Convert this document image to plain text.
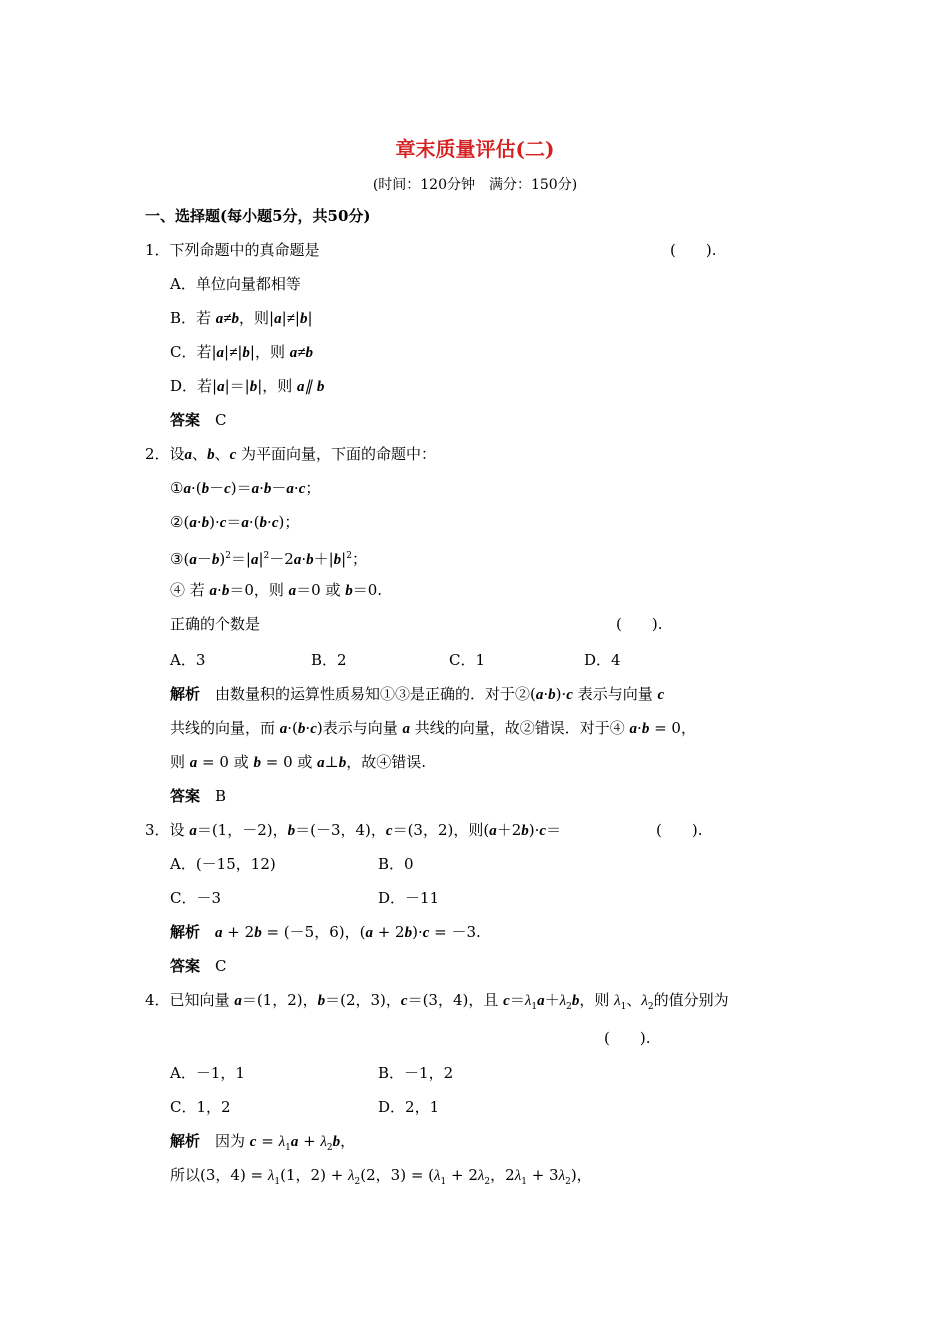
章末质量评估(二)
(时间：120分钟　满分：150分)
一、选择题(每小题5分，共50分)
1．下列命题中的真命题是	(　　).
A．单位向量都相等
B．若 a≠b，则|a|≠|b|
C．若|a|≠|b|，则 a≠b
D．若|a|＝|b|，则 a∥ b
答案　 C
2．设a、b、c 为平面向量，下面的命题中：
①a·(b－c)＝a·b－a·c；
②(a·b)·c＝a·(b·c)；
$③(a-b)^2=|a|^2-2a\cdot b+|b|^2$；
④ 若 a·b＝0，则 a＝0 或 b＝0.
正确的个数是	(　　).
A．3	B．2	C．1	D．4
解析　由数量积的运算性质易知①③是正确的．对于②(a·b)·c 表示与向量 c
共线的向量，而 a·(b·c)表示与向量 a 共线的向量，故②错误．对于④ a·b = 0，
则 a = 0 或 b = 0 或 a⊥b，故④错误.
答案　 B
3．设 a＝(1，－2)，b＝(－3，4)，c＝(3，2)，则(a＋2b)·c＝	(　　).
A．(－15，12)	B．0
C．－3	D．－11
解析　 a + 2b = (－5，6)，(a + 2b)·c = －3.
答案　 C
4．已知向量 a＝(1，2)，b＝(2，3)，c＝(3，4)，且 $c=\lambda_1a+\lambda_2b$，则 $\lambda_1$、$\lambda_2$的值分别为
(　　).
A．－1，1	B．－1，2
C．1，2	D．2，1
解析　因为 $c = \lambda_1a + \lambda_2b$，
所以(3，$4) = \lambda_1(1$，$2) + \lambda_2(2$，$3) = (\lambda_1 + 2\lambda_2$，$2\lambda_1 + 3\lambda_2$)，
